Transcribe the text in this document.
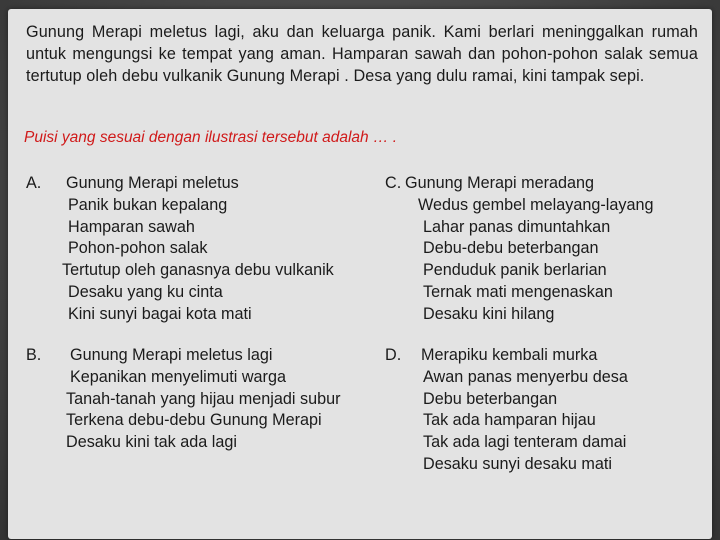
Gunung Merapi meletus lagi, aku dan keluarga panik. Kami berlari meninggalkan rumah untuk mengungsi ke tempat yang aman. Hamparan sawah dan pohon-pohon salak semua tertutup oleh debu vulkanik Gunung Merapi . Desa yang dulu ramai, kini tampak sepi.

Puisi yang sesuai dengan ilustrasi tersebut adalah … .

A.	Gunung Merapi meletus
Panik bukan kepalang
Hamparan sawah
Pohon-pohon salak
Tertutup oleh ganasnya debu vulkanik
Desaku yang ku cinta
Kini sunyi bagai kota mati
C. Gunung Merapi meradang
Wedus gembel melayang-layang
Lahar panas dimuntahkan
Debu-debu beterbangan
Penduduk panik berlarian
Ternak mati mengenaskan
Desaku kini hilang
B.	Gunung Merapi meletus lagi
Kepanikan menyelimuti warga
Tanah-tanah yang hijau menjadi subur
Terkena debu-debu Gunung Merapi
Desaku kini tak ada lagi
D. Merapiku kembali murka
Awan panas menyerbu desa
Debu beterbangan
Tak ada hamparan hijau
Tak ada lagi tenteram damai
Desaku sunyi desaku mati
